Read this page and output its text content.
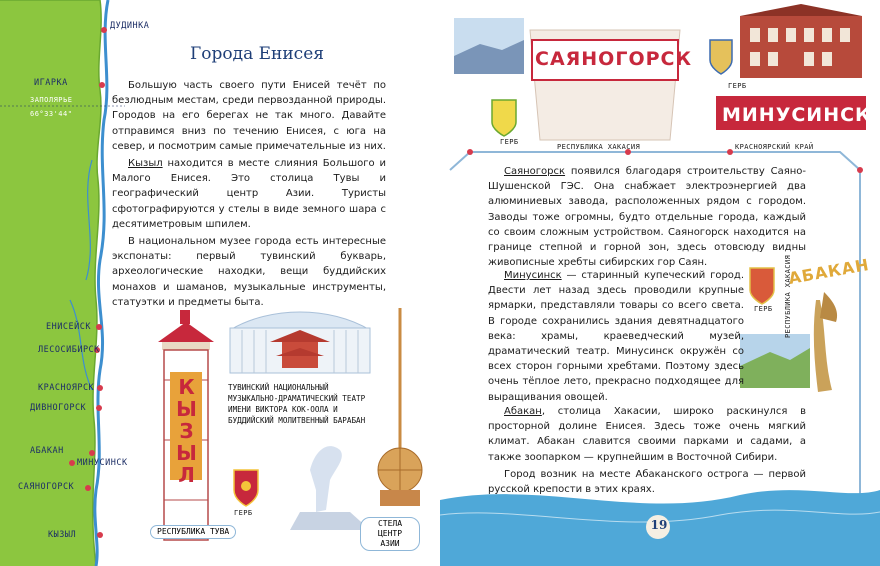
ДУДИНКА
ИГАРКА
ЗАПОЛЯРЬЕ
66°33'44"
ЕНИСЕЙСК
ЛЕСОСИБИРСК
КРАСНОЯРСК
ДИВНОГОРСК
АБАКАН
МИНУСИНСК
САЯНОГОРСК
КЫЗЫЛ
Города Енисея

Большую часть своего пути Енисей течёт по безлюдным местам, среди первозданной природы. Городов на его берегах не так много. Давайте отправимся вниз по течению Енисея, с юга на север, и посмотрим самые примечательные из них.

Кызыл находится в месте слияния Большого и Малого Енисея. Это столица Тувы и географический центр Азии. Туристы сфотографируются у стелы в виде земного шара с десятиметровым шпилем.

В национальном музее города есть интересные экспонаты: первый тувинский букварь, археологические находки, вещи буддийских монахов и шаманов, музыкальные инструменты, статуэтки и предметы быта.

КЫЗЫЛ
ТУВИНСКИЙ НАЦИОНАЛЬНЫЙ МУЗЫКАЛЬНО-ДРАМАТИЧЕСКИЙ ТЕАТР ИМЕНИ ВИКТОРА КОК-ООЛА И БУДДИЙСКИЙ МОЛИТВЕННЫЙ БАРАБАН
ГЕРБ
РЕСПУБЛИКА ТУВА
СТЕЛА ЦЕНТР АЗИИ
САЯНОГОРСК
МИНУСИНСК
АБАКАН
ГЕРБ
ГЕРБ
ГЕРБ
РЕСПУБЛИКА ХАКАСИЯ	КРАСНОЯРСКИЙ КРАЙ
РЕСПУБЛИКА ХАКАСИЯ

Саяногорск появился благодаря строительству Саяно-Шушенской ГЭС. Она снабжает электроэнергией два алюминиевых завода, расположенных рядом с городом. Заводы тоже огромны, будто отдельные города, каждый со своим сложным устройством. Саяногорск находится на границе степной и горной зон, здесь отовсюду видны живописные хребты сибирских гор Саян.

Минусинск — старинный купеческий город. Двести лет назад здесь проводили крупные ярмарки, представляли товары со всего света. В городе сохранились здания девятнадцатого века: храмы, краеведческий музей, драматический театр. Минусинск окружён со всех сторон горными хребтами. Поэтому здесь очень тёплое лето, прекрасно подходящее для выращивания овощей.

Абакан, столица Хакасии, широко раскинулся в просторной долине Енисея. Здесь тоже очень мягкий климат. Абакан славится своими парками и садами, а также зоопарком — крупнейшим в Восточной Сибири.

Город возник на месте Абаканского острога — первой русской крепости в этих краях.

19
